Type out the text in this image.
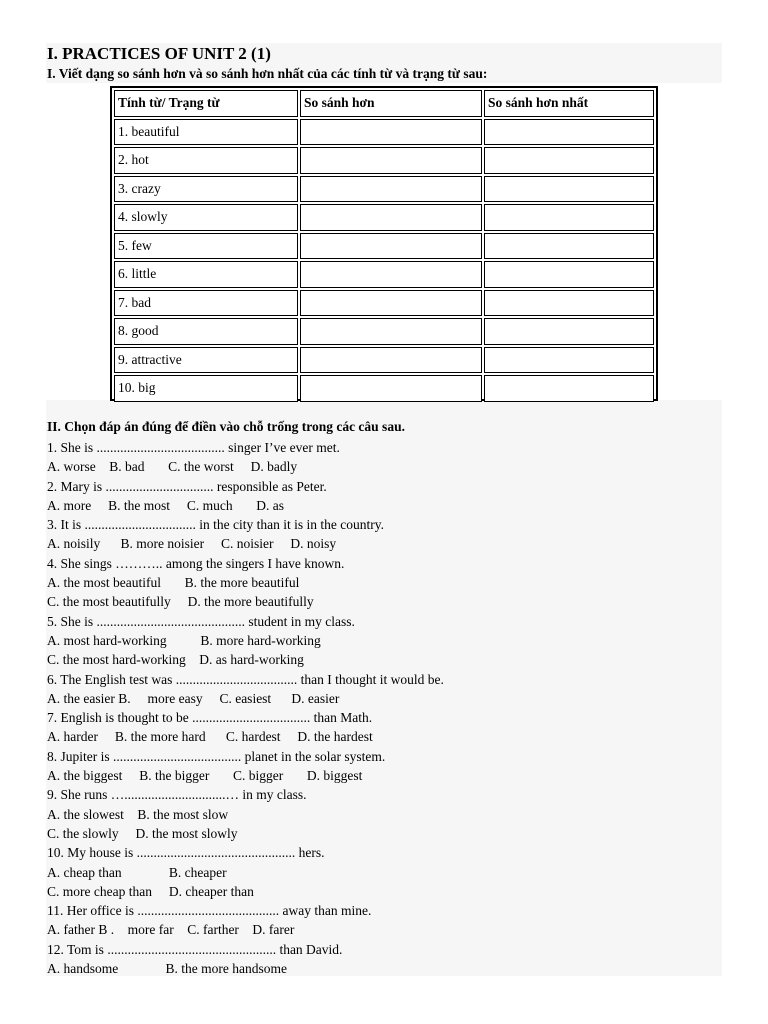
I. PRACTICES OF UNIT 2 (1)
I. Viết dạng so sánh hơn và so sánh hơn nhất của các tính từ và trạng từ sau:
Tính từ/ Trạng từ	So sánh hơn	So sánh hơn nhất
1. beautiful		
2. hot		
3. crazy		
4. slowly		
5. few		
6. little		
7. bad		
8. good		
9. attractive		
10. big		
II. Chọn đáp án đúng để điền vào chỗ trống trong các câu sau.
1. She is ...................................... singer I’ve ever met.
A. worse    B. bad       C. the worst     D. badly
2. Mary is ................................ responsible as Peter.
A. more     B. the most     C. much       D. as
3. It is ................................. in the city than it is in the country.
A. noisily      B. more noisier     C. noisier     D. noisy
4. She sings ……….. among the singers I have known.
A. the most beautiful       B. the more beautiful
C. the most beautifully     D. the more beautifully
5. She is ............................................ student in my class.
A. most hard-working          B. more hard-working
C. the most hard-working    D. as hard-working
6. The English test was .................................... than I thought it would be.
A. the easier B.     more easy     C. easiest      D. easier
7. English is thought to be ................................... than Math.
A. harder     B. the more hard      C. hardest     D. the hardest
8. Jupiter is ...................................... planet in the solar system.
A. the biggest     B. the bigger       C. bigger       D. biggest
9. She runs …..............................… in my class.
A. the slowest    B. the most slow
C. the slowly     D. the most slowly
10. My house is ............................................... hers.
A. cheap than              B. cheaper
C. more cheap than     D. cheaper than
11. Her office is .......................................... away than mine.
A. father B .    more far    C. farther    D. farer
12. Tom is .................................................. than David.
A. handsome              B. the more handsome
